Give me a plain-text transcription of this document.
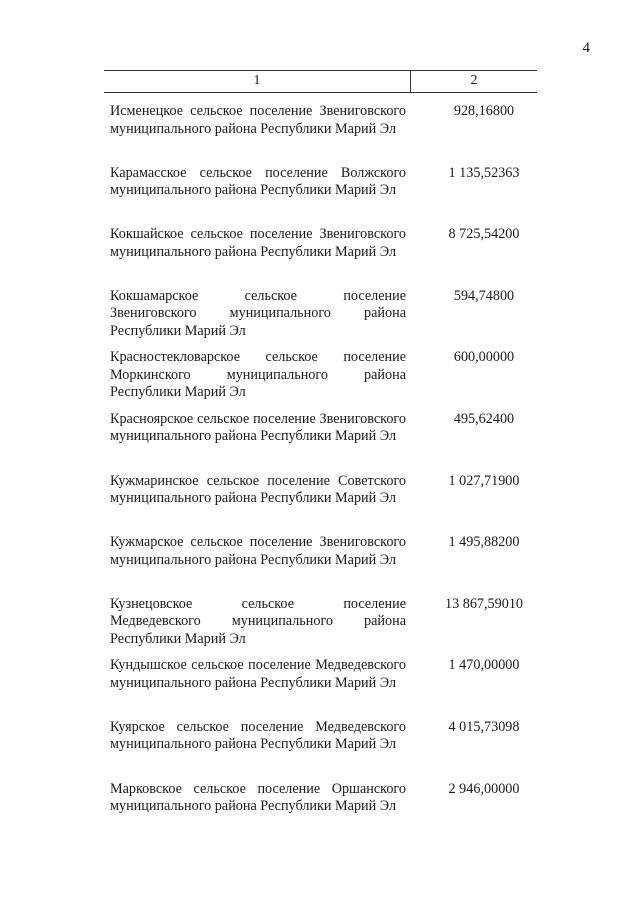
4
1	2
Исменецкое сельское поселение Звениговского муниципального района Республики Марий Эл
928,16800
Карамасское сельское поселение Волжского муниципального района Республики Марий Эл
1 135,52363
Кокшайское сельское поселение Звениговского муниципального района Республики Марий Эл
8 725,54200
Кокшамарское сельское поселение Звениговского муниципального района Республики Марий Эл
594,74800
Красностекловарское сельское поселение Моркинского муниципального района Республики Марий Эл
600,00000
Красноярское сельское поселение Звениговского муниципального района Республики Марий Эл
495,62400
Кужмаринское сельское поселение Советского муниципального района Республики Марий Эл
1 027,71900
Кужмарское сельское поселение Звениговского муниципального района Республики Марий Эл
1 495,88200
Кузнецовское сельское поселение Медведевского муниципального района Республики Марий Эл
13 867,59010
Кундышское сельское поселение Медведевского муниципального района Республики Марий Эл
1 470,00000
Куярское сельское поселение Медведевского муниципального района Республики Марий Эл
4 015,73098
Марковское сельское поселение Оршанского муниципального района Республики Марий Эл
2 946,00000
